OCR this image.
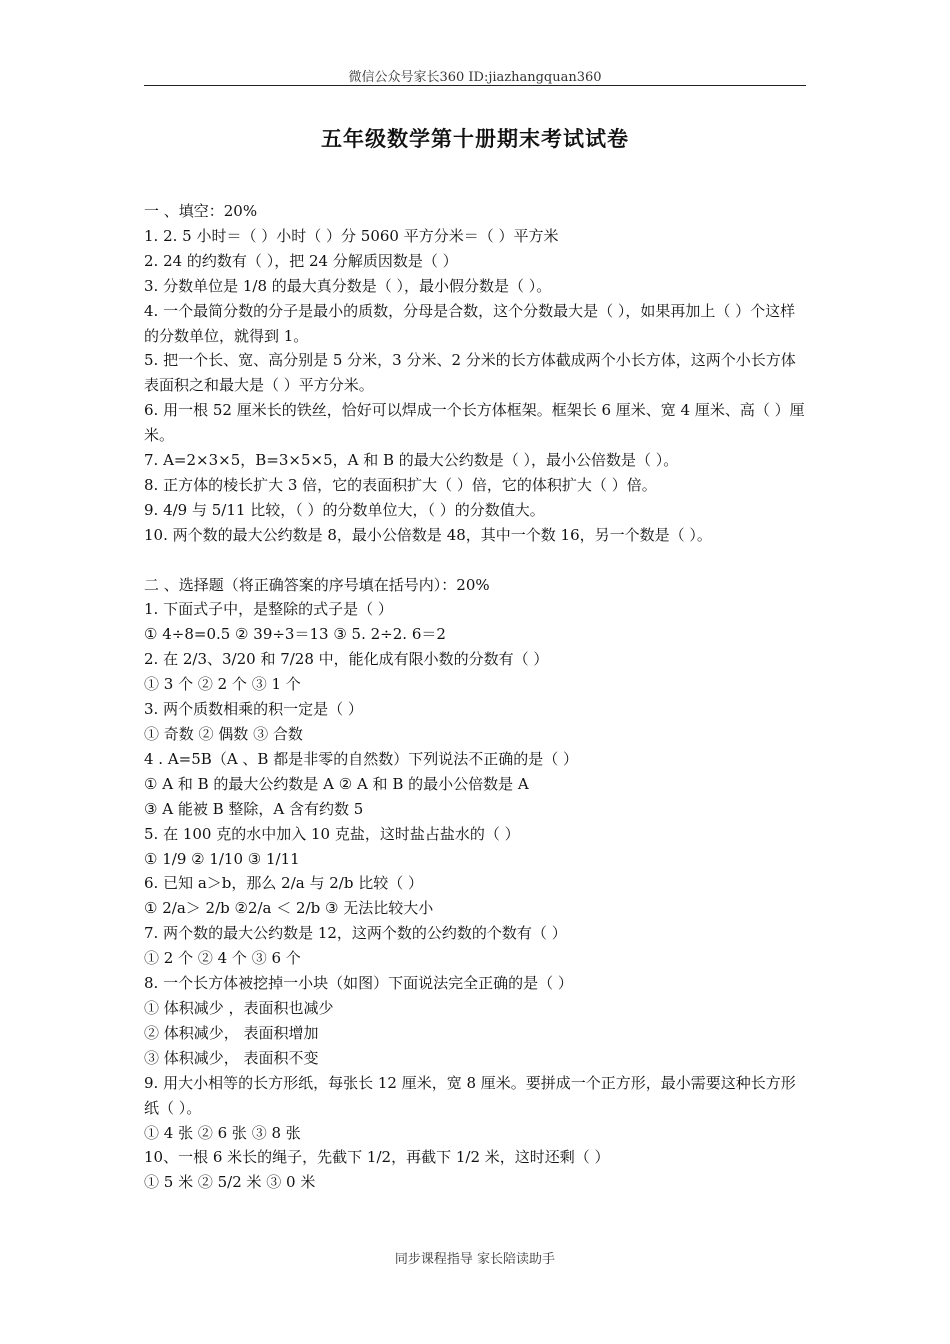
微信公众号家长360 ID:jiazhangquan360
五年级数学第十册期末考试试卷
一 、填空：20%
1. 2. 5 小时＝（ ）小时（ ）分 5060 平方分米＝（ ）平方米
2. 24 的约数有（ ），把 24 分解质因数是（ ）
3. 分数单位是 1/8 的最大真分数是（ ），最小假分数是（ ）。
4. 一个最简分数的分子是最小的质数，分母是合数，这个分数最大是（ ），如果再加上（ ）个这样的分数单位，就得到 1。
5. 把一个长、宽、高分别是 5 分米，3 分米、2 分米的长方体截成两个小长方体，这两个小长方体表面积之和最大是（ ）平方分米。
6. 用一根 52 厘米长的铁丝，恰好可以焊成一个长方体框架。框架长 6 厘米、宽 4 厘米、高（ ）厘米。
7. A=2×3×5，B=3×5×5，A 和 B 的最大公约数是（ ），最小公倍数是（ ）。
8. 正方体的棱长扩大 3 倍，它的表面积扩大（ ）倍，它的体积扩大（ ）倍。
9. 4/9 与 5/11 比较，（ ）的分数单位大，（ ）的分数值大。
10. 两个数的最大公约数是 8，最小公倍数是 48，其中一个数 16，另一个数是（ ）。
二 、选择题（将正确答案的序号填在括号内）：20%
1. 下面式子中，是整除的式子是（ ）
① 4÷8=0.5 ② 39÷3＝13 ③ 5. 2÷2. 6＝2
2. 在 2/3、3/20 和 7/28 中，能化成有限小数的分数有（ ）
① 3 个 ② 2 个 ③ 1 个
3. 两个质数相乘的积一定是（ ）
① 奇数 ② 偶数 ③ 合数
4 . A=5B（A 、B 都是非零的自然数）下列说法不正确的是（ ）
① A 和 B 的最大公约数是 A ② A 和 B 的最小公倍数是 A
③ A 能被 B 整除，A 含有约数 5
5. 在 100 克的水中加入 10 克盐，这时盐占盐水的（ ）
① 1/9 ② 1/10 ③ 1/11
6. 已知 a＞b，那么 2/a 与 2/b 比较（ ）
① 2/a＞ 2/b ②2/a ＜ 2/b ③ 无法比较大小
7. 两个数的最大公约数是 12，这两个数的公约数的个数有（ ）
① 2 个 ② 4 个 ③ 6 个
8. 一个长方体被挖掉一小块（如图）下面说法完全正确的是（ ）
① 体积减少 ，表面积也减少
② 体积减少， 表面积增加
③ 体积减少， 表面积不变
9. 用大小相等的长方形纸，每张长 12 厘米，宽 8 厘米。要拼成一个正方形，最小需要这种长方形纸（ ）。
① 4 张 ② 6 张 ③ 8 张
10、一根 6 米长的绳子，先截下 1/2，再截下 1/2 米，这时还剩（ ）
① 5 米 ② 5/2 米 ③ 0 米
同步课程指导 家长陪读助手
